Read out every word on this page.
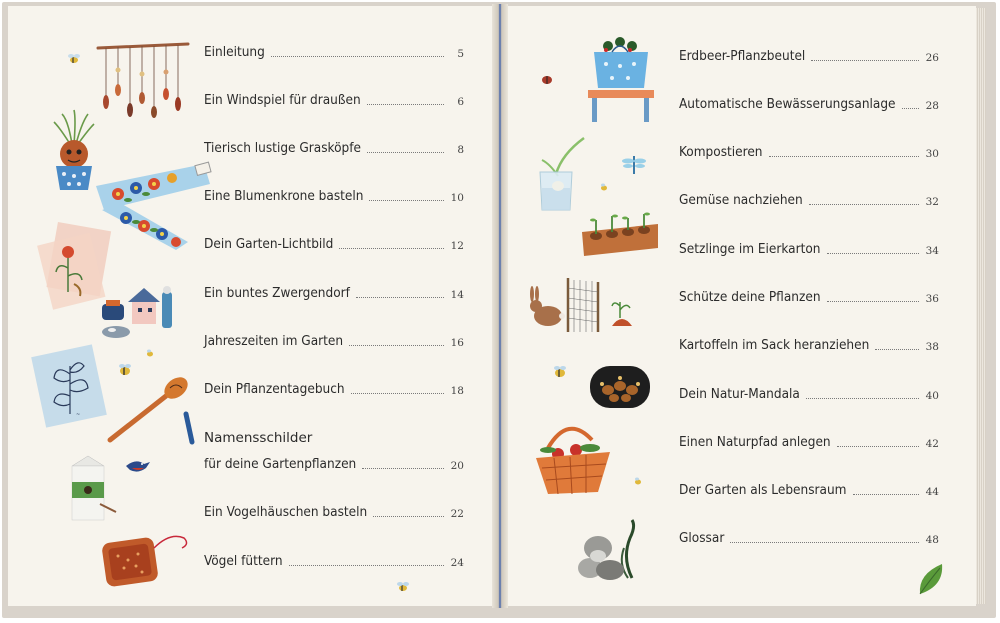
Einleitung	5
Ein Windspiel für draußen	6
Tierisch lustige Grasköpfe	8
Eine Blumenkrone basteln	10
Dein Garten-Lichtbild	12
Ein buntes Zwergendorf	14
Jahreszeiten im Garten	16
Dein Pflanzentagebuch	18
Namensschilder
für deine Gartenpflanzen	20
Ein Vogelhäuschen basteln	22
Vögel füttern	24
Erdbeer-Pflanzbeutel	26
Automatische Bewässerungsanlage	28
Kompostieren	30
Gemüse nachziehen	32
Setzlinge im Eierkarton	34
Schütze deine Pflanzen	36
Kartoffeln im Sack heranziehen	38
Dein Natur-Mandala	40
Einen Naturpfad anlegen	42
Der Garten als Lebensraum	44
Glossar	48
~
